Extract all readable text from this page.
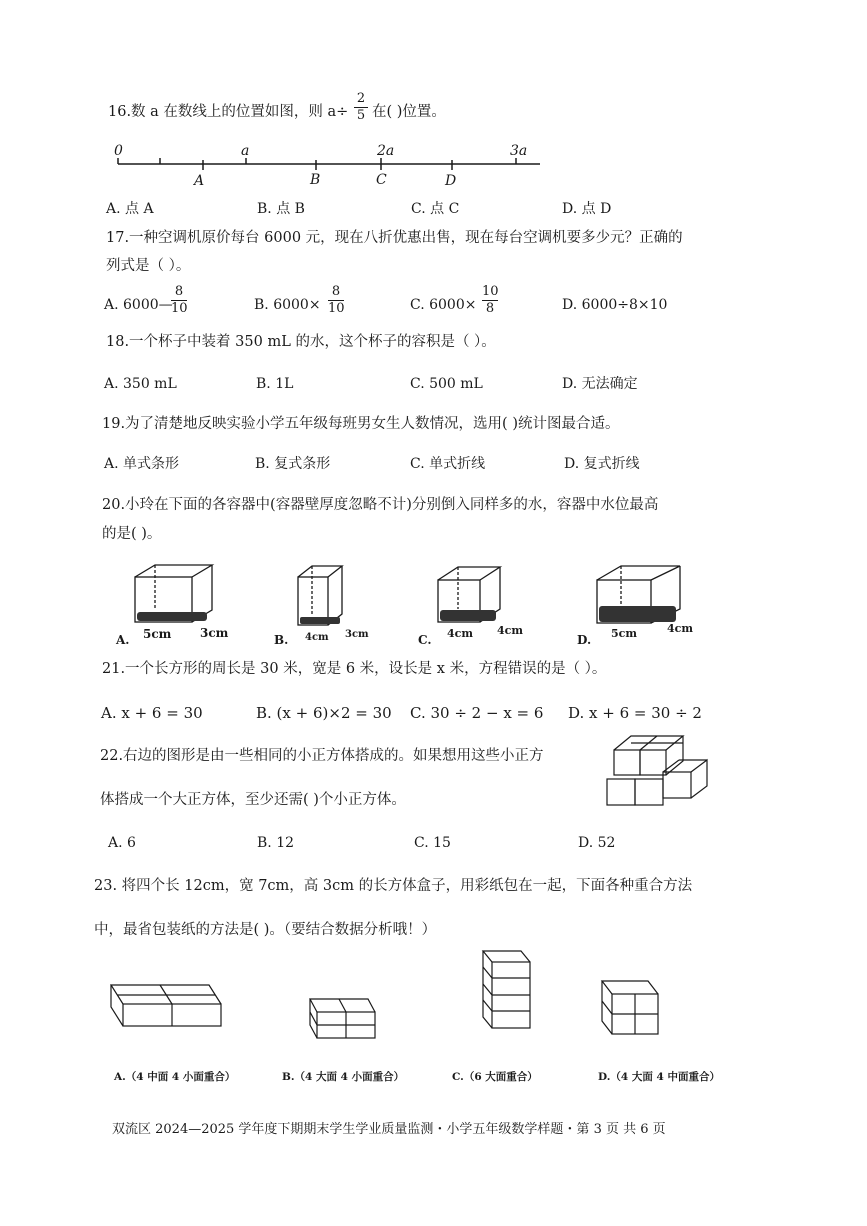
16.数 a 在数线上的位置如图，则 a÷
2
5 在( )位置。
0	a	2a	3a
A	B	C	D
A. 点 A	B. 点 B	C. 点 C	D. 点 D
17.一种空调机原价每台 6000 元，现在八折优惠出售，现在每台空调机要多少元？正确的
列式是（ ）。
A. 6000—
8
10	B. 6000×
8
10	C. 6000×
10
8	D. 6000÷8×10
18.一个杯子中装着 350 mL 的水，这个杯子的容积是（ ）。
A. 350 mL	B. 1L	C. 500 mL	D. 无法确定
19.为了清楚地反映实验小学五年级每班男女生人数情况，选用( )统计图最合适。
A. 单式条形	B. 复式条形	C. 单式折线	D. 复式折线
20.小玲在下面的各容器中(容器壁厚度忽略不计)分别倒入同样多的水，容器中水位最高
的是( )。
A. 5cm 3cm	B. 4cm 3cm	C. 4cm 4cm
D. 5cm	4cm
21.一个长方形的周长是 30 米，宽是 6 米，设长是 x 米，方程错误的是（ ）。
A. x + 6 = 30	B. (x + 6)×2 = 30 C. 30 ÷ 2 − x = 6 D. x + 6 = 30 ÷ 2
22.右边的图形是由一些相同的小正方体搭成的。如果想用这些小正方
体搭成一个大正方体，至少还需( )个小正方体。
A. 6	B. 12	C. 15	D. 52
23. 将四个长 12cm，宽 7cm，高 3cm 的长方体盒子，用彩纸包在一起，下面各种重合方法
中，最省包装纸的方法是( )。（要结合数据分析哦！）
A.（4 中面 4 小面重合）	B.（4 大面 4 小面重合）	C.（6 大面重合）	D.（4 大面 4 中面重合）
双流区 2024—2025 学年度下期期末学生学业质量监测・小学五年级数学样题・第 3 页 共 6 页
